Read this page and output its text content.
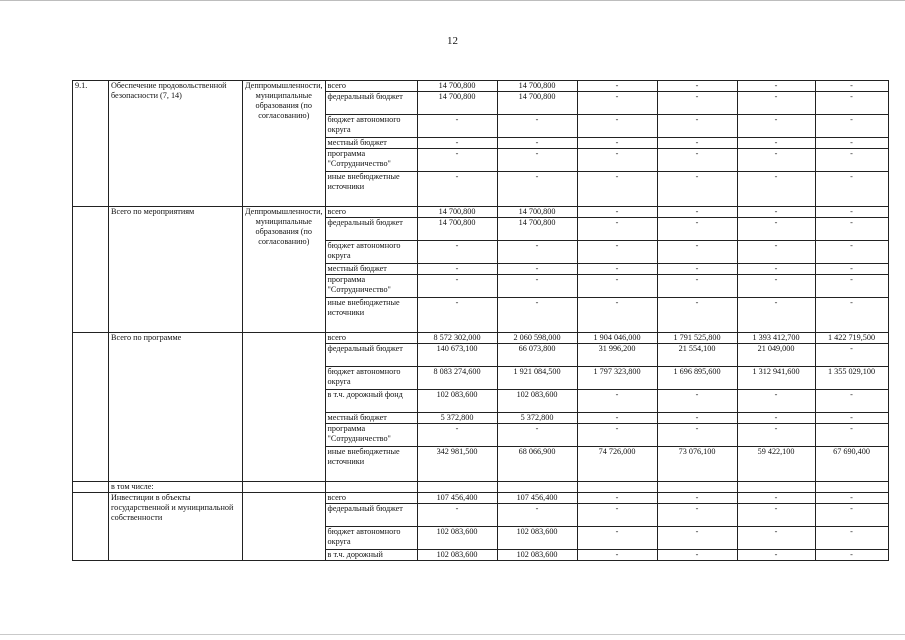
12
9.1.	Обеспечение продовольственной безопасности (7, 14)	Деппромышленности, муниципальные образования (по согласованию)	всего	14 700,800	14 700,800	-	-	-	-
			федеральный бюджет	14 700,800	14 700,800	-	-	-	-
			бюджет автономного округа	-	-	-	-	-	-
			местный бюджет	-	-	-	-	-	-
			программа "Сотрудничество"	-	-	-	-	-	-
			иные внебюджетные источники	-	-	-	-	-	-
	Всего по мероприятиям	Деппромышленности, муниципальные образования (по согласованию)	всего	14 700,800	14 700,800	-	-	-	-
			федеральный бюджет	14 700,800	14 700,800	-	-	-	-
			бюджет автономного округа	-	-	-	-	-	-
			местный бюджет	-	-	-	-	-	-
			программа "Сотрудничество"	-	-	-	-	-	-
			иные внебюджетные источники	-	-	-	-	-	-
	Всего по программе		всего	8 572 302,000	2 060 598,000	1 904 046,000	1 791 525,800	1 393 412,700	1 422 719,500
			федеральный бюджет	140 673,100	66 073,800	31 996,200	21 554,100	21 049,000	-
			бюджет автономного округа	8 083 274,600	1 921 084,500	1 797 323,800	1 696 895,600	1 312 941,600	1 355 029,100
			в т.ч. дорожный фонд	102 083,600	102 083,600	-	-	-	-
			местный бюджет	5 372,800	5 372,800	-	-	-	-
			программа "Сотрудничество"	-	-	-	-	-	-
			иные внебюджетные источники	342 981,500	68 066,900	74 726,000	73 076,100	59 422,100	67 690,400
	в том числе:								
	Инвестиции в объекты государственной и муниципальной собственности		всего	107 456,400	107 456,400	-	-	-	-
			федеральный бюджет	-	-	-	-	-	-
			бюджет автономного округа	102 083,600	102 083,600	-	-	-	-
			в т.ч. дорожный	102 083,600	102 083,600	-	-	-	-
